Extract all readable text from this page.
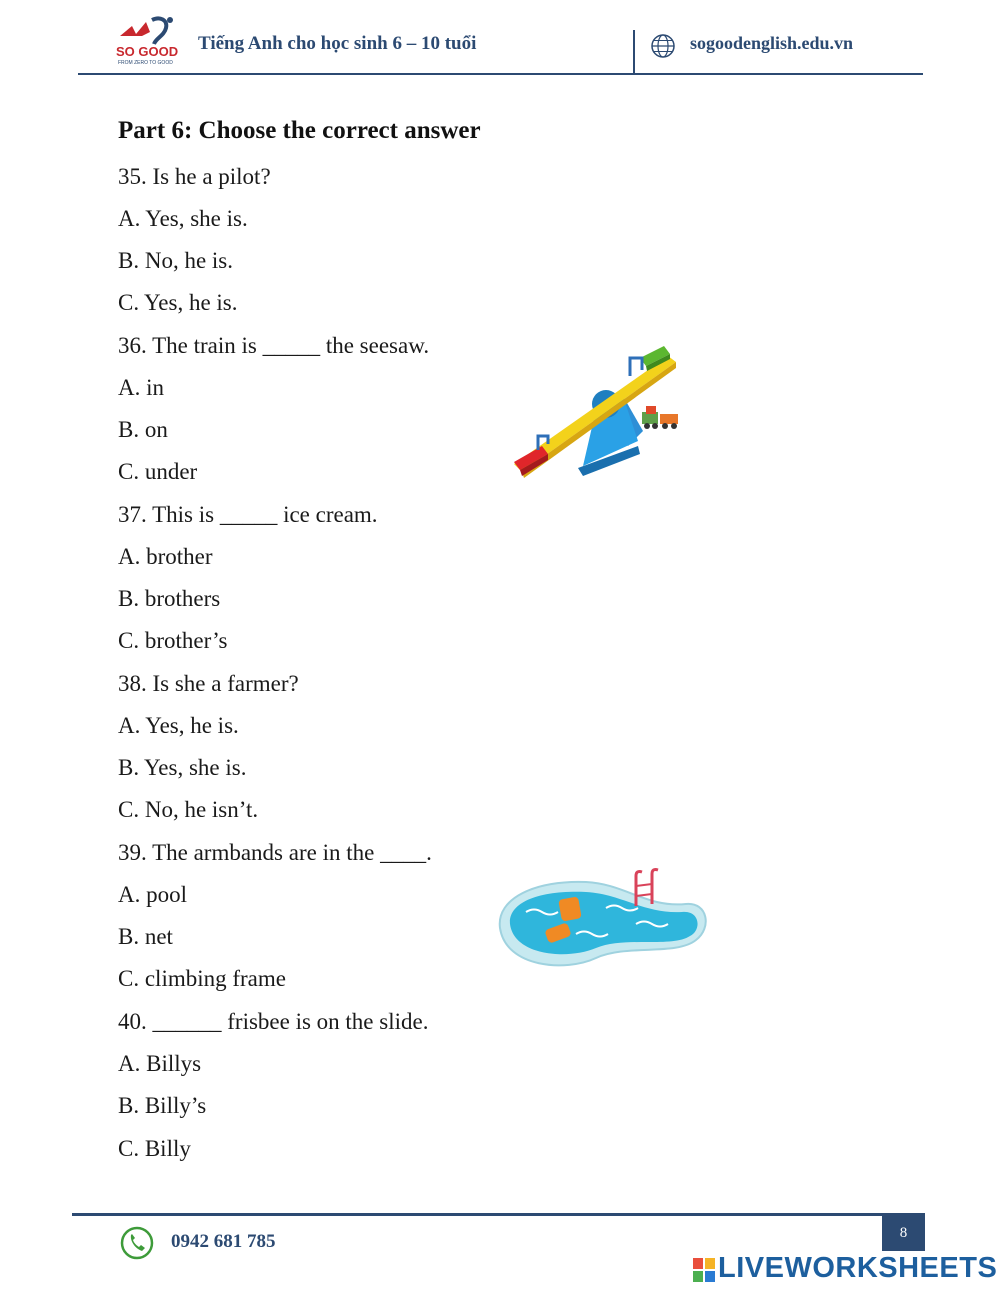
SO GOOD
FROM ZERO TO GOOD
Tiếng Anh cho học sinh 6 – 10 tuổi	sogoodenglish.edu.vn
Part 6: Choose the correct answer
35. Is he a pilot?
A. Yes, she is.
B. No, he is.
C. Yes, he is.
36. The train is _____ the seesaw.
A. in
B. on
C. under
37. This is _____ ice cream.
A. brother
B. brothers
C. brother’s
38. Is she a farmer?
A. Yes, he is.
B. Yes, she is.
C. No, he isn’t.
39. The armbands are in the ____.
A. pool
B. net
C. climbing frame
40. ______ frisbee is on the slide.
A. Billys
B. Billy’s
C. Billy
0942 681 785	8
LIVEWORKSHEETS
